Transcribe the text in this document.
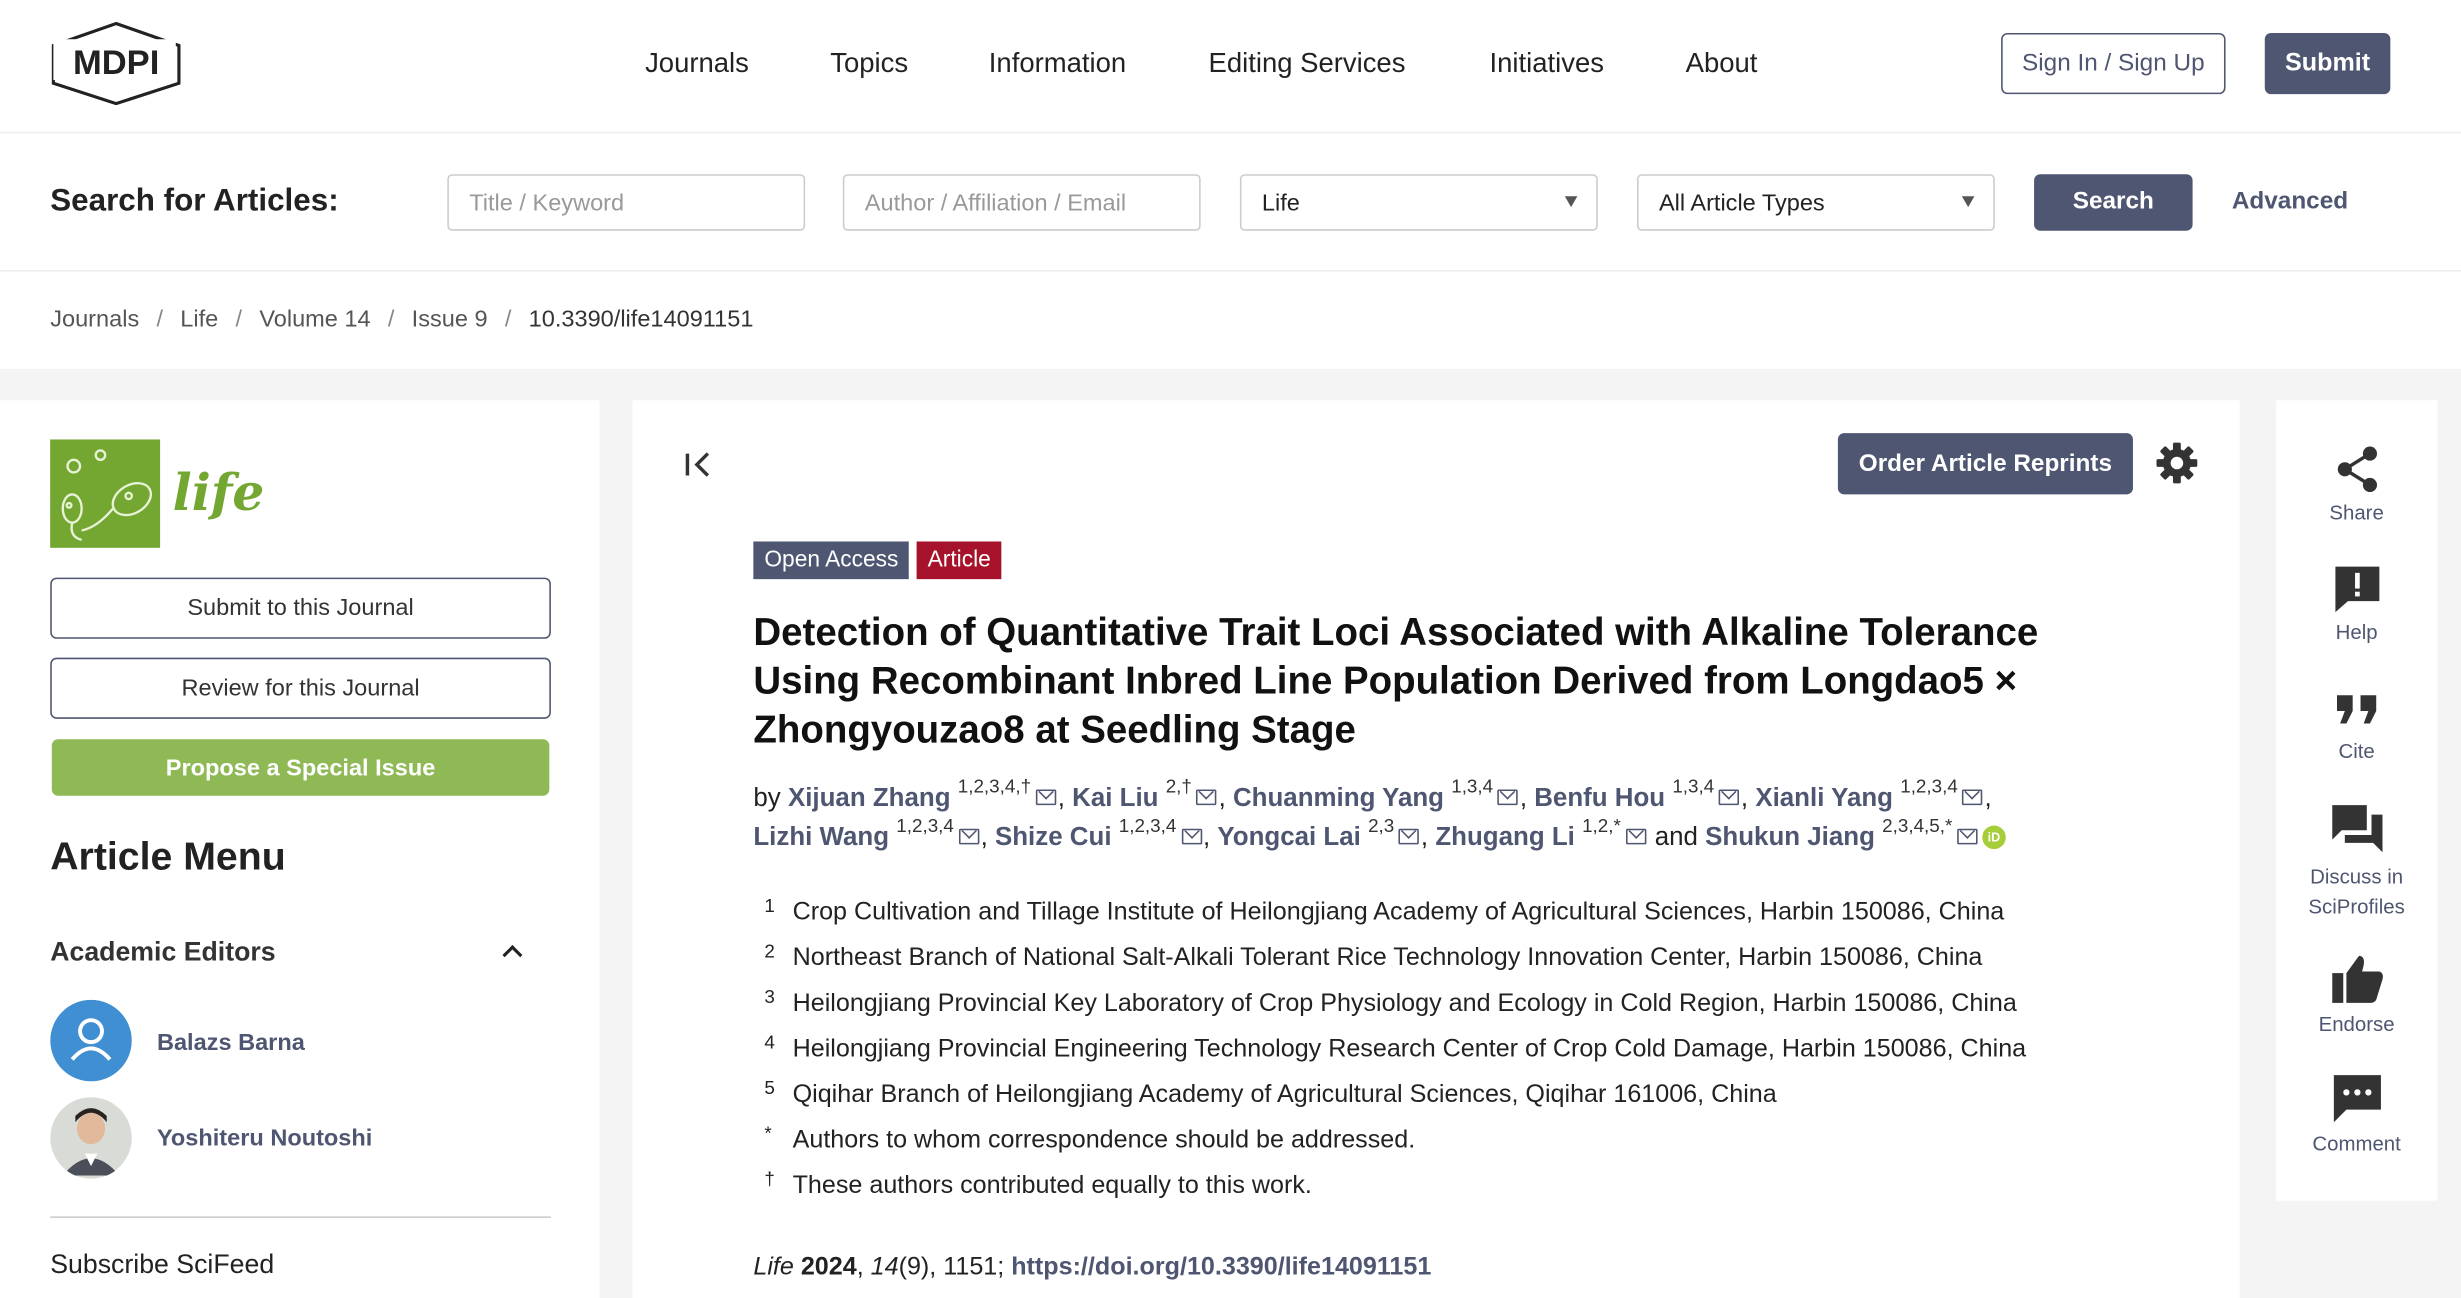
MDPI	Journals	Topics	Information	Editing Services	Initiatives	About	Sign In / Sign Up	Submit
Search for Articles:	Title / Keyword	Author / Affiliation / Email	Life	All Article Types	Search	Advanced
Journals / Life / Volume 14 / Issue 9 / 10.3390/life14091151
life
Submit to this Journal
Review for this Journal
Propose a Special Issue
Article Menu
Academic Editors
Balazs Barna
Yoshiteru Noutoshi
Subscribe SciFeed
Order Article Reprints
Open Access	Article
Detection of Quantitative Trait Loci Associated with Alkaline Tolerance Using Recombinant Inbred Line Population Derived from Longdao5 × Zhongyouzao8 at Seedling Stage
by Xijuan Zhang $^{1,2,3,4,\dagger}$ , Kai Liu $^{2,\dagger}$ , Chuanming Yang $^{1,3,4}$ , Benfu Hou $^{1,3,4}$ , Xianli Yang $^{1,2,3,4}$ ,
Lizhi Wang $^{1,2,3,4}$ , Shize Cui $^{1,2,3,4}$ , Yongcai Lai $^{2,3}$ , Zhugang Li $^{1,2,*}$ and Shukun Jiang $^{2,3,4,5,*}$iD
1 Crop Cultivation and Tillage Institute of Heilongjiang Academy of Agricultural Sciences, Harbin 150086, China
2 Northeast Branch of National Salt-Alkali Tolerant Rice Technology Innovation Center, Harbin 150086, China
3 Heilongjiang Provincial Key Laboratory of Crop Physiology and Ecology in Cold Region, Harbin 150086, China
4 Heilongjiang Provincial Engineering Technology Research Center of Crop Cold Damage, Harbin 150086, China
5 Qiqihar Branch of Heilongjiang Academy of Agricultural Sciences, Qiqihar 161006, China
* Authors to whom correspondence should be addressed.
† These authors contributed equally to this work.
Life 2024, 14(9), 1151; https://doi.org/10.3390/life14091151
Share
Help
Cite
Discuss in SciProfiles
Endorse
Comment
